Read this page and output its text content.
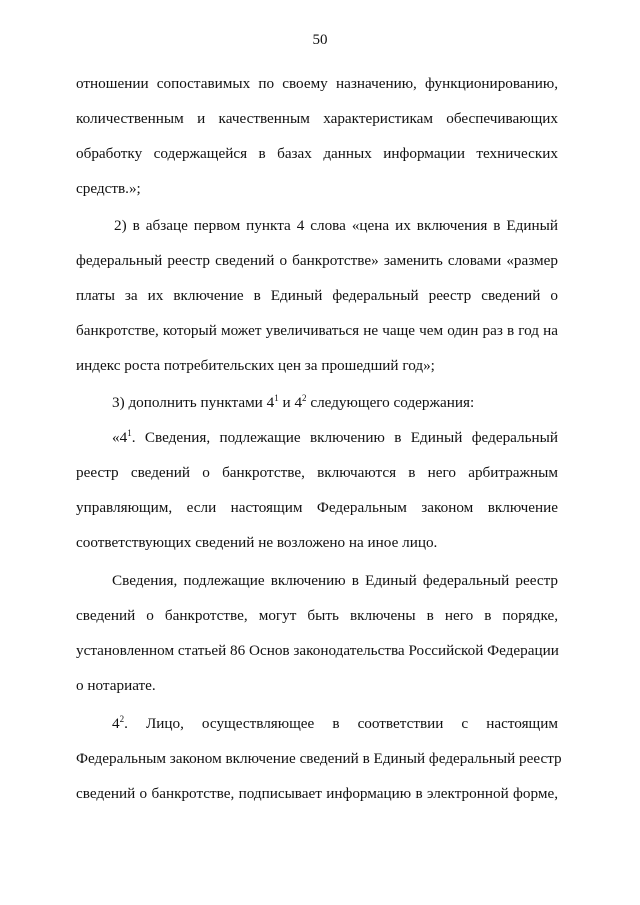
50

отношении сопоставимых по своему назначению, функционированию,
количественным и качественным характеристикам обеспечивающих
обработку содержащейся в базах данных информации технических
средств.»;

2) в абзаце первом пункта 4 слова «цена их включения в Единый
федеральный реестр сведений о банкротстве» заменить словами «размер
платы за их включение в Единый федеральный реестр сведений о
банкротстве, который может увеличиваться не чаще чем один раз в год на
индекс роста потребительских цен за прошедший год»;

3) дополнить пунктами $4^1$ и $4^2$ следующего содержания:

«$4^1$. Сведения, подлежащие включению в Единый федеральный
реестр сведений о банкротстве, включаются в него арбитражным
управляющим, если настоящим Федеральным законом включение
соответствующих сведений не возложено на иное лицо.

Сведения, подлежащие включению в Единый федеральный реестр
сведений о банкротстве, могут быть включены в него в порядке,
установленном статьей 86 Основ законодательства Российской Федерации
о нотариате.

$4^2$. Лицо, осуществляющее в соответствии с настоящим
Федеральным законом включение сведений в Единый федеральный реестр
сведений о банкротстве, подписывает информацию в электронной форме,
